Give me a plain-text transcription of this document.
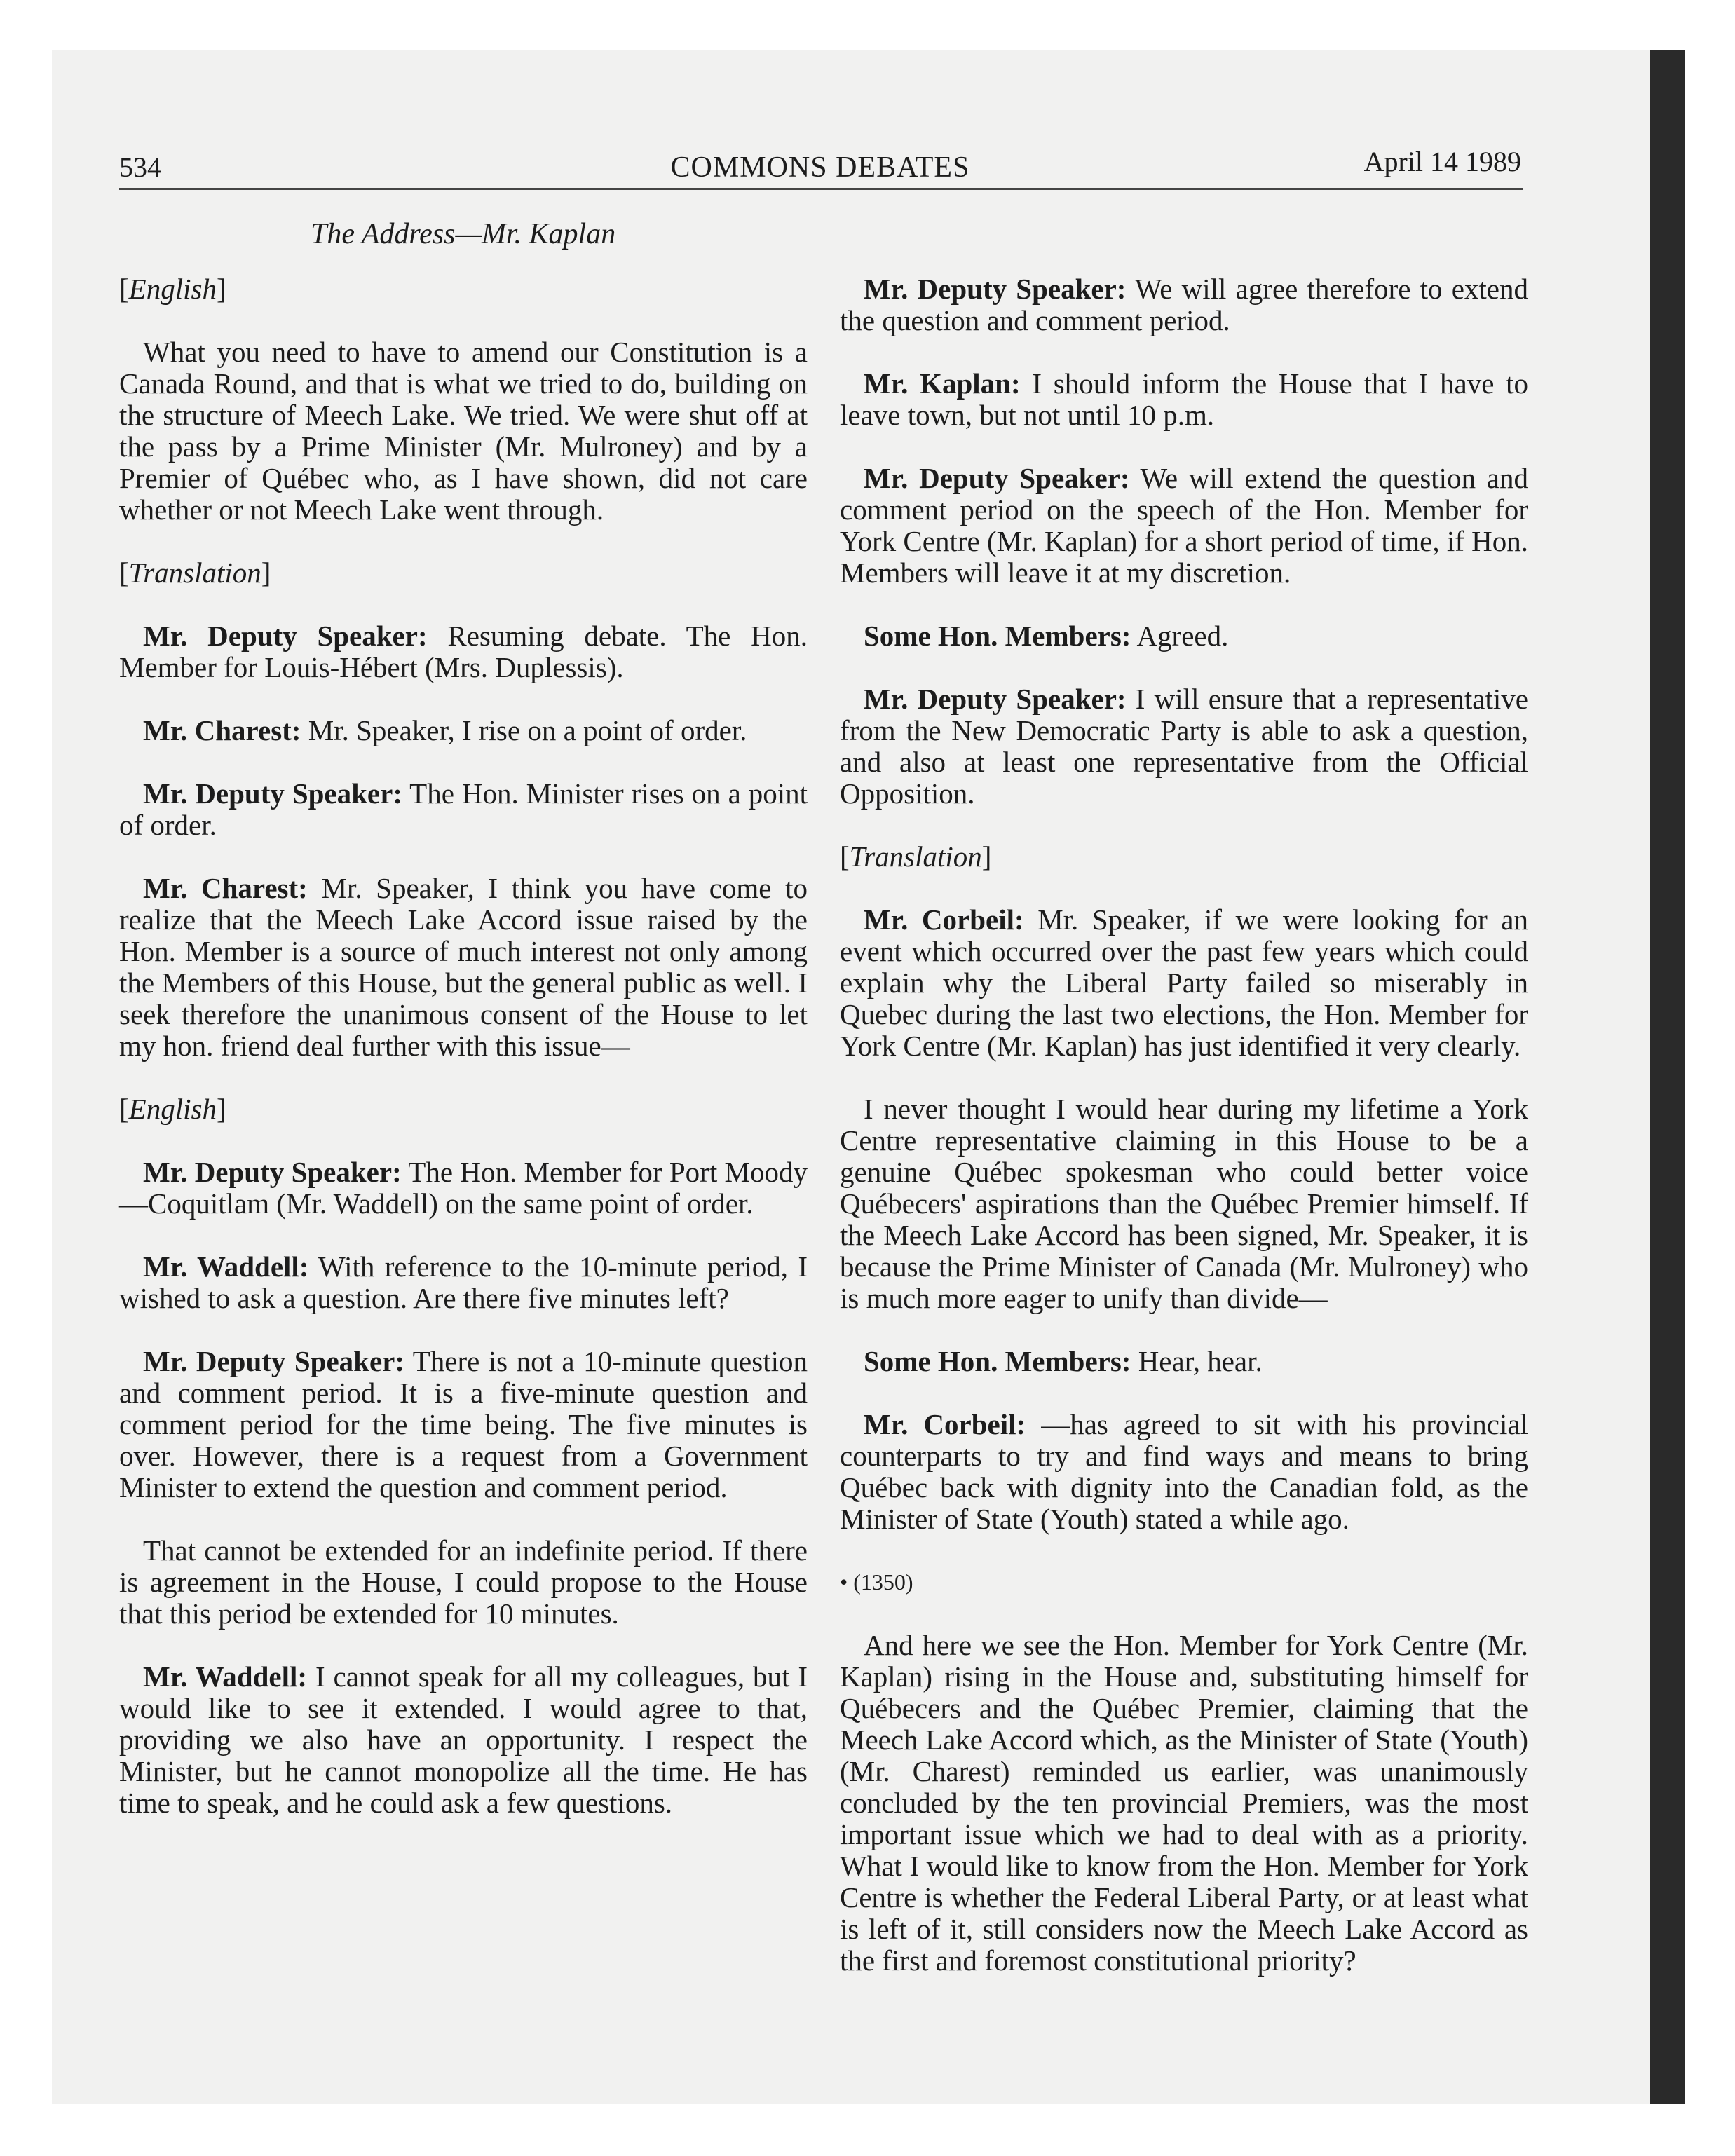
534	COMMONS DEBATES	April 14 1989
The Address—Mr. Kaplan
[English]

What you need to have to amend our Constitution is a Canada Round, and that is what we tried to do, building on the structure of Meech Lake. We tried. We were shut off at the pass by a Prime Minister (Mr. Mulroney) and by a Premier of Québec who, as I have shown, did not care whether or not Meech Lake went through.

[Translation]

Mr. Deputy Speaker: Resuming debate. The Hon. Member for Louis-Hébert (Mrs. Duplessis).

Mr. Charest: Mr. Speaker, I rise on a point of order.

Mr. Deputy Speaker: The Hon. Minister rises on a point of order.

Mr. Charest: Mr. Speaker, I think you have come to realize that the Meech Lake Accord issue raised by the Hon. Member is a source of much interest not only among the Members of this House, but the general public as well. I seek therefore the unanimous consent of the House to let my hon. friend deal further with this issue—

[English]

Mr. Deputy Speaker: The Hon. Member for Port Moody—Coquitlam (Mr. Waddell) on the same point of order.

Mr. Waddell: With reference to the 10-minute period, I wished to ask a question. Are there five minutes left?

Mr. Deputy Speaker: There is not a 10-minute question and comment period. It is a five-minute question and comment period for the time being. The five minutes is over. However, there is a request from a Government Minister to extend the question and comment period.

That cannot be extended for an indefinite period. If there is agreement in the House, I could propose to the House that this period be extended for 10 minutes.

Mr. Waddell: I cannot speak for all my colleagues, but I would like to see it extended. I would agree to that, providing we also have an opportunity. I respect the Minister, but he cannot monopolize all the time. He has time to speak, and he could ask a few questions.

Mr. Deputy Speaker: We will agree therefore to extend the question and comment period.

Mr. Kaplan: I should inform the House that I have to leave town, but not until 10 p.m.

Mr. Deputy Speaker: We will extend the question and comment period on the speech of the Hon. Member for York Centre (Mr. Kaplan) for a short period of time, if Hon. Members will leave it at my discretion.

Some Hon. Members: Agreed.

Mr. Deputy Speaker: I will ensure that a representative from the New Democratic Party is able to ask a question, and also at least one representative from the Official Opposition.

[Translation]

Mr. Corbeil: Mr. Speaker, if we were looking for an event which occurred over the past few years which could explain why the Liberal Party failed so miserably in Quebec during the last two elections, the Hon. Member for York Centre (Mr. Kaplan) has just identified it very clearly.

I never thought I would hear during my lifetime a York Centre representative claiming in this House to be a genuine Québec spokesman who could better voice Québecers' aspirations than the Québec Premier himself. If the Meech Lake Accord has been signed, Mr. Speaker, it is because the Prime Minister of Canada (Mr. Mulroney) who is much more eager to unify than divide—

Some Hon. Members: Hear, hear.

Mr. Corbeil: —has agreed to sit with his provincial counterparts to try and find ways and means to bring Québec back with dignity into the Canadian fold, as the Minister of State (Youth) stated a while ago.

• (1350)

And here we see the Hon. Member for York Centre (Mr. Kaplan) rising in the House and, substituting himself for Québecers and the Québec Premier, claiming that the Meech Lake Accord which, as the Minister of State (Youth) (Mr. Charest) reminded us earlier, was unanimously concluded by the ten provincial Premiers, was the most important issue which we had to deal with as a priority. What I would like to know from the Hon. Member for York Centre is whether the Federal Liberal Party, or at least what is left of it, still considers now the Meech Lake Accord as the first and foremost constitutional priority?
